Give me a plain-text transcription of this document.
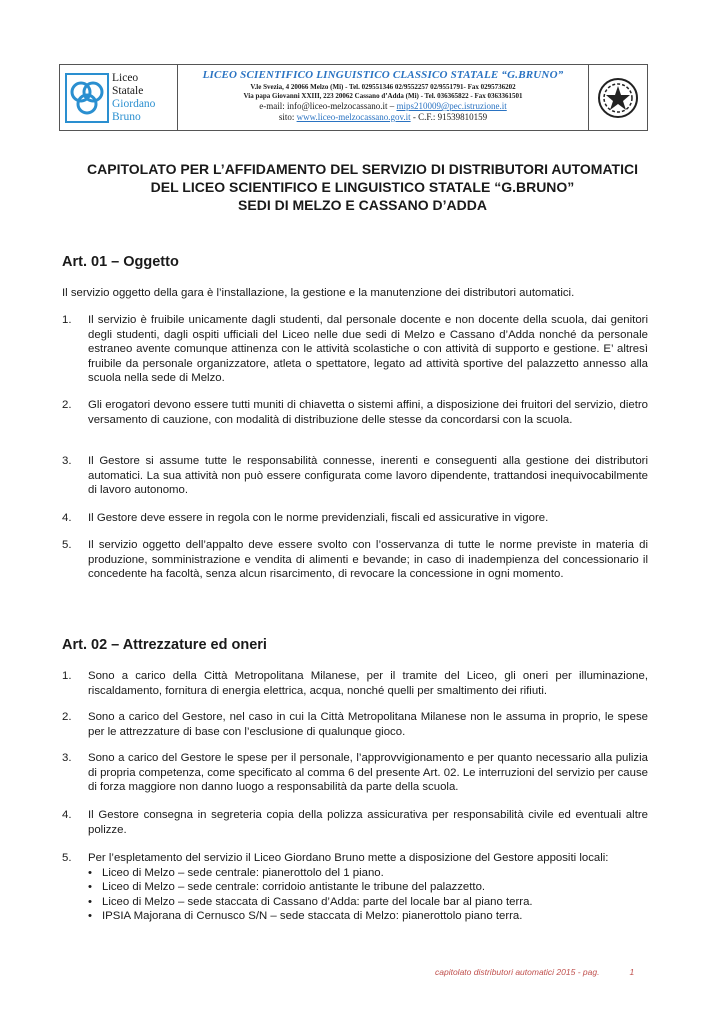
Liceo
Statale
Giordano
Bruno
LICEO SCIENTIFICO LINGUISTICO CLASSICO STATALE “G.BRUNO”
V.le Svezia, 4 20066 Melzo (Mi) - Tel. 029551346 02/9552257 02/9551791- Fax 0295736202
Via papa Giovanni XXIII, 223 20062 Cassano d’Adda (Mi) - Tel. 036365822 - Fax 0363361501
e-mail: info@liceo-melzocassano.it – mips210009@pec.istruzione.it
sito: www.liceo-melzocassano.gov.it - C.F.: 91539810159
CAPITOLATO PER L’AFFIDAMENTO DEL SERVIZIO DI DISTRIBUTORI AUTOMATICI
DEL LICEO SCIENTIFICO E LINGUISTICO STATALE “G.BRUNO”
SEDI DI MELZO E CASSANO D’ADDA
Art. 01 – Oggetto
Il servizio oggetto della gara è l’installazione, la gestione e la manutenzione dei distributori automatici.
1.	Il servizio è fruibile unicamente dagli studenti, dal personale docente e non docente della scuola, dai genitori degli studenti, dagli ospiti ufficiali del Liceo nelle due sedi di Melzo e Cassano d’Adda nonché da personale estraneo avente comunque attinenza con le attività scolastiche o con attività di supporto e gestione. E’ altresì fruibile da personale organizzatore, atleta o spettatore, legato ad attività sportive del palazzetto annesso alla scuola nella sede di Melzo.
2.	Gli erogatori devono essere tutti muniti di chiavetta o sistemi affini, a disposizione dei fruitori del servizio, dietro versamento di cauzione, con modalità di distribuzione delle stesse da concordarsi con la scuola.
3.	Il Gestore si assume tutte le responsabilità connesse, inerenti e conseguenti alla gestione dei distributori automatici. La sua attività non può essere configurata come lavoro dipendente, trattandosi inequivocabilmente di lavoro autonomo.
4.	Il Gestore deve essere in regola con le norme previdenziali, fiscali ed assicurative in vigore.
5.	Il servizio oggetto dell’appalto deve essere svolto con l’osservanza di tutte le norme previste in materia di produzione, somministrazione e vendita di alimenti e bevande; in caso di inadempienza del concessionario il concedente ha facoltà, senza alcun risarcimento, di revocare la concessione in ogni momento.
Art. 02 – Attrezzature ed oneri
1.	Sono a carico della Città Metropolitana Milanese, per il tramite del Liceo, gli oneri per illuminazione, riscaldamento, fornitura di energia elettrica, acqua, nonché quelli per smaltimento dei rifiuti.
2.	Sono a carico del Gestore, nel caso in cui la Città Metropolitana Milanese non le assuma in proprio, le spese per le attrezzature di base con l’esclusione di qualunque gioco.
3.	Sono a carico del Gestore le spese per il personale, l’approvvigionamento e per quanto necessario alla pulizia di propria competenza, come specificato al comma 6 del presente Art. 02. Le interruzioni del servizio per cause di forza maggiore non danno luogo a responsabilità da parte della scuola.
4.	Il Gestore consegna in segreteria copia della polizza assicurativa per responsabilità civile ed eventuali altre polizze.
5.	Per l’espletamento del servizio il Liceo Giordano Bruno mette a disposizione del Gestore appositi locali:
• Liceo di Melzo – sede centrale: pianerottolo del 1 piano.
• Liceo di Melzo – sede centrale: corridoio antistante le tribune del palazzetto.
• Liceo di Melzo – sede staccata di Cassano d’Adda: parte del locale bar al piano terra.
• IPSIA Majorana di Cernusco S/N – sede staccata di Melzo: pianerottolo piano terra.
capitolato distributori automatici 2015 - pag.	1
